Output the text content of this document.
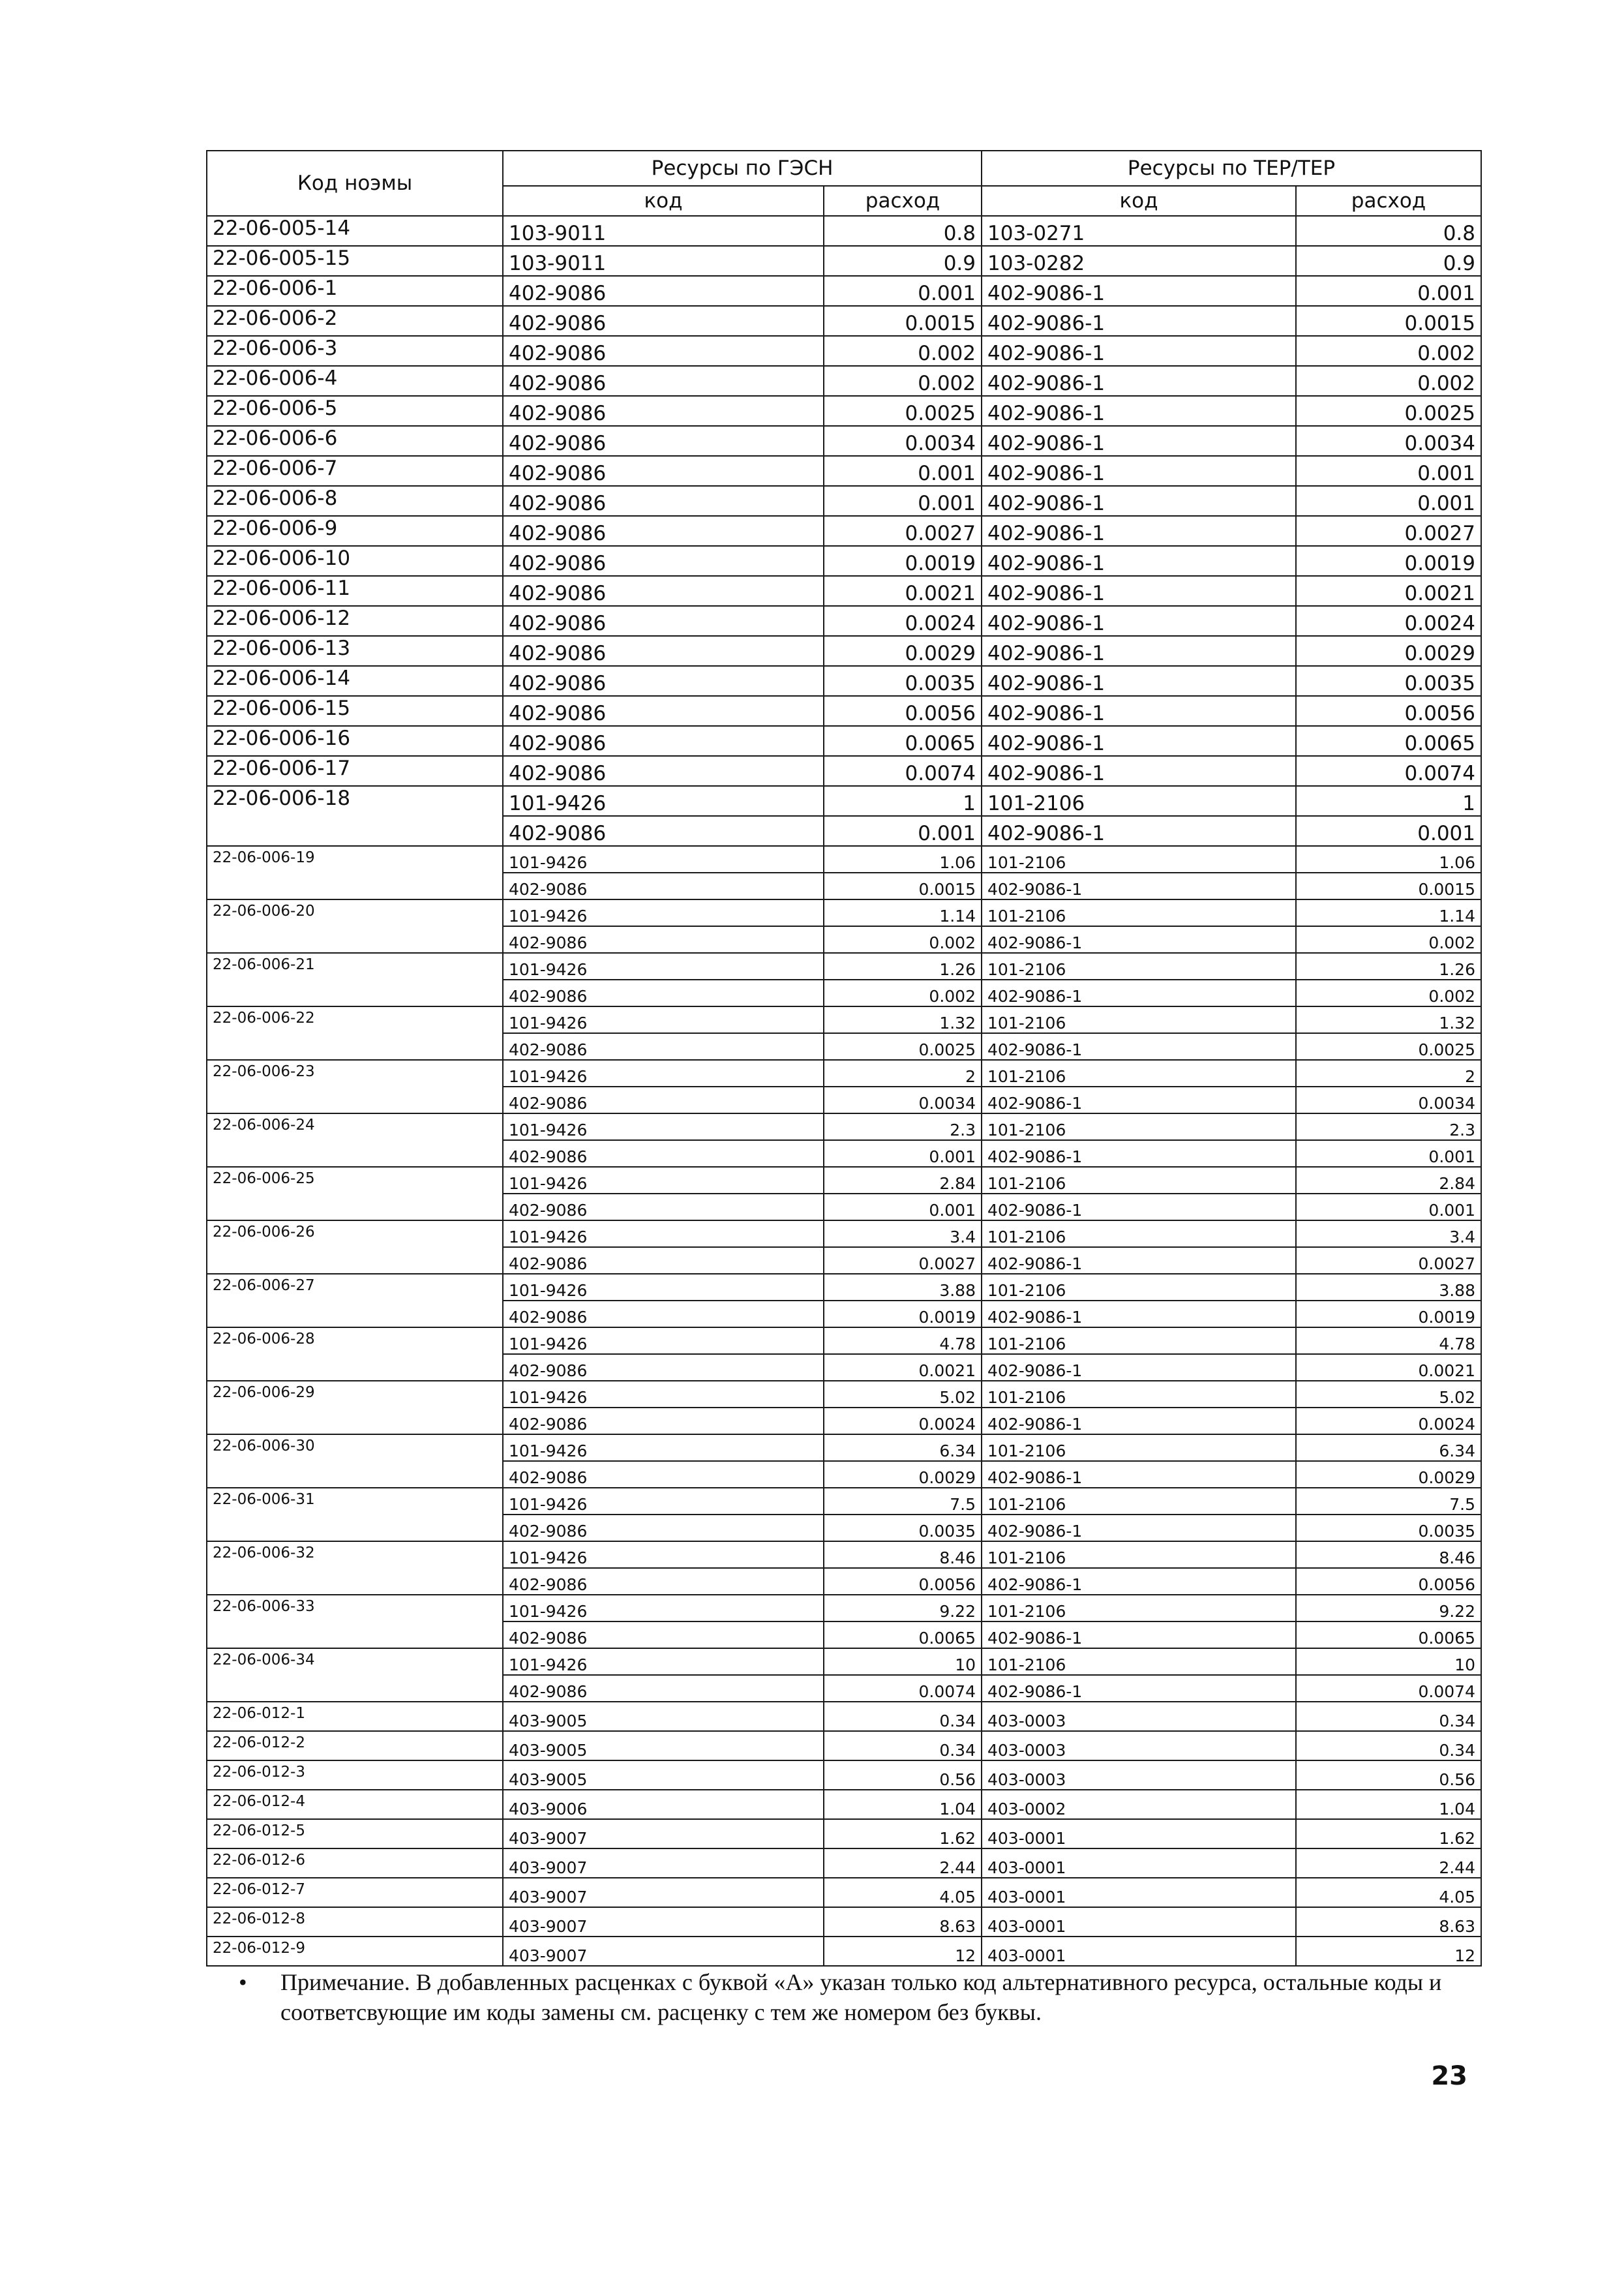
Код ноэмы	Ресурсы по ГЭСН		Ресурсы по ТЕР/ТЕР	
	код	расход	код	расход
22-06-005-14	103-9011	0.8	103-0271	0.8
22-06-005-15	103-9011	0.9	103-0282	0.9
22-06-006-1	402-9086	0.001	402-9086-1	0.001
22-06-006-2	402-9086	0.0015	402-9086-1	0.0015
22-06-006-3	402-9086	0.002	402-9086-1	0.002
22-06-006-4	402-9086	0.002	402-9086-1	0.002
22-06-006-5	402-9086	0.0025	402-9086-1	0.0025
22-06-006-6	402-9086	0.0034	402-9086-1	0.0034
22-06-006-7	402-9086	0.001	402-9086-1	0.001
22-06-006-8	402-9086	0.001	402-9086-1	0.001
22-06-006-9	402-9086	0.0027	402-9086-1	0.0027
22-06-006-10	402-9086	0.0019	402-9086-1	0.0019
22-06-006-11	402-9086	0.0021	402-9086-1	0.0021
22-06-006-12	402-9086	0.0024	402-9086-1	0.0024
22-06-006-13	402-9086	0.0029	402-9086-1	0.0029
22-06-006-14	402-9086	0.0035	402-9086-1	0.0035
22-06-006-15	402-9086	0.0056	402-9086-1	0.0056
22-06-006-16	402-9086	0.0065	402-9086-1	0.0065
22-06-006-17	402-9086	0.0074	402-9086-1	0.0074
22-06-006-18	101-9426	1	101-2106	1
	402-9086	0.001	402-9086-1	0.001
22-06-006-19	101-9426	1.06	101-2106	1.06
	402-9086	0.0015	402-9086-1	0.0015
22-06-006-20	101-9426	1.14	101-2106	1.14
	402-9086	0.002	402-9086-1	0.002
22-06-006-21	101-9426	1.26	101-2106	1.26
	402-9086	0.002	402-9086-1	0.002
22-06-006-22	101-9426	1.32	101-2106	1.32
	402-9086	0.0025	402-9086-1	0.0025
22-06-006-23	101-9426	2	101-2106	2
	402-9086	0.0034	402-9086-1	0.0034
22-06-006-24	101-9426	2.3	101-2106	2.3
	402-9086	0.001	402-9086-1	0.001
22-06-006-25	101-9426	2.84	101-2106	2.84
	402-9086	0.001	402-9086-1	0.001
22-06-006-26	101-9426	3.4	101-2106	3.4
	402-9086	0.0027	402-9086-1	0.0027
22-06-006-27	101-9426	3.88	101-2106	3.88
	402-9086	0.0019	402-9086-1	0.0019
22-06-006-28	101-9426	4.78	101-2106	4.78
	402-9086	0.0021	402-9086-1	0.0021
22-06-006-29	101-9426	5.02	101-2106	5.02
	402-9086	0.0024	402-9086-1	0.0024
22-06-006-30	101-9426	6.34	101-2106	6.34
	402-9086	0.0029	402-9086-1	0.0029
22-06-006-31	101-9426	7.5	101-2106	7.5
	402-9086	0.0035	402-9086-1	0.0035
22-06-006-32	101-9426	8.46	101-2106	8.46
	402-9086	0.0056	402-9086-1	0.0056
22-06-006-33	101-9426	9.22	101-2106	9.22
	402-9086	0.0065	402-9086-1	0.0065
22-06-006-34	101-9426	10	101-2106	10
	402-9086	0.0074	402-9086-1	0.0074
22-06-012-1	403-9005	0.34	403-0003	0.34
22-06-012-2	403-9005	0.34	403-0003	0.34
22-06-012-3	403-9005	0.56	403-0003	0.56
22-06-012-4	403-9006	1.04	403-0002	1.04
22-06-012-5	403-9007	1.62	403-0001	1.62
22-06-012-6	403-9007	2.44	403-0001	2.44
22-06-012-7	403-9007	4.05	403-0001	4.05
22-06-012-8	403-9007	8.63	403-0001	8.63
22-06-012-9	403-9007	12	403-0001	12
• Примечание. В добавленных расценках с буквой «А» указан только код альтернативного ресурса, остальные коды и соответсвующие им коды замены см. расценку с тем же номером без буквы.

23
